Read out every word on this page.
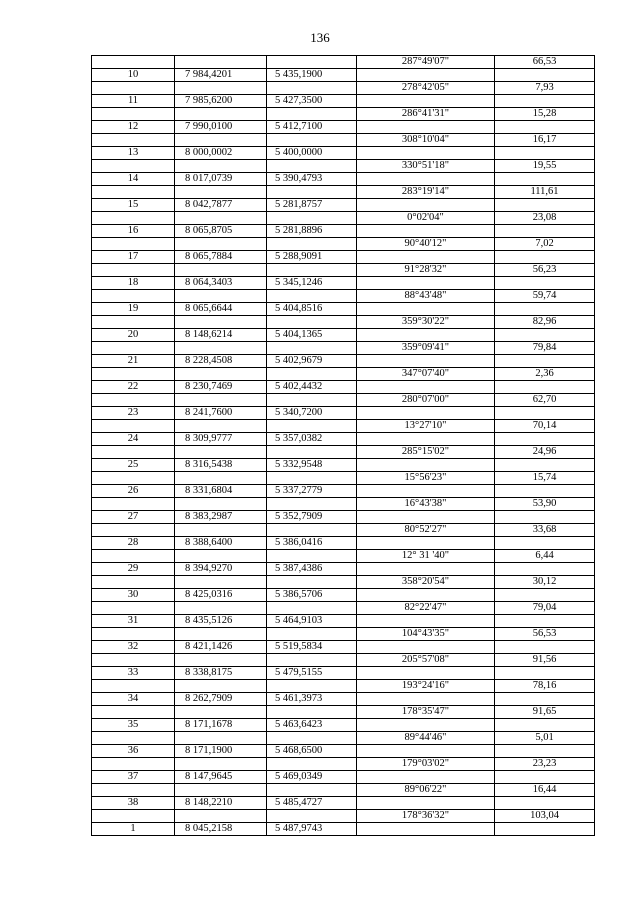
136
			287°49'07"	66,53
10	7 984,4201	5 435,1900		
			278°42'05"	7,93
11	7 985,6200	5 427,3500		
			286°41'31"	15,28
12	7 990,0100	5 412,7100		
			308°10'04"	16,17
13	8 000,0002	5 400,0000		
			330°51'18"	19,55
14	8 017,0739	5 390,4793		
			283°19'14"	111,61
15	8 042,7877	5 281,8757		
			0°02'04"	23,08
16	8 065,8705	5 281,8896		
			90°40'12"	7,02
17	8 065,7884	5 288,9091		
			91°28'32"	56,23
18	8 064,3403	5 345,1246		
			88°43'48"	59,74
19	8 065,6644	5 404,8516		
			359°30'22"	82,96
20	8 148,6214	5 404,1365		
			359°09'41"	79,84
21	8 228,4508	5 402,9679		
			347°07'40"	2,36
22	8 230,7469	5 402,4432		
			280°07'00"	62,70
23	8 241,7600	5 340,7200		
			13°27'10"	70,14
24	8 309,9777	5 357,0382		
			285°15'02"	24,96
25	8 316,5438	5 332,9548		
			15°56'23"	15,74
26	8 331,6804	5 337,2779		
			16°43'38"	53,90
27	8 383,2987	5 352,7909		
			80°52'27"	33,68
28	8 388,6400	5 386,0416		
			12° 31 '40"	6,44
29	8 394,9270	5 387,4386		
			358°20'54"	30,12
30	8 425,0316	5 386,5706		
			82°22'47"	79,04
31	8 435,5126	5 464,9103		
			104°43'35"	56,53
32	8 421,1426	5 519,5834		
			205°57'08"	91,56
33	8 338,8175	5 479,5155		
			193°24'16"	78,16
34	8 262,7909	5 461,3973		
			178°35'47"	91,65
35	8 171,1678	5 463,6423		
			89°44'46"	5,01
36	8 171,1900	5 468,6500		
			179°03'02"	23,23
37	8 147,9645	5 469,0349		
			89°06'22"	16,44
38	8 148,2210	5 485,4727		
			178°36'32"	103,04
1	8 045,2158	5 487,9743		
